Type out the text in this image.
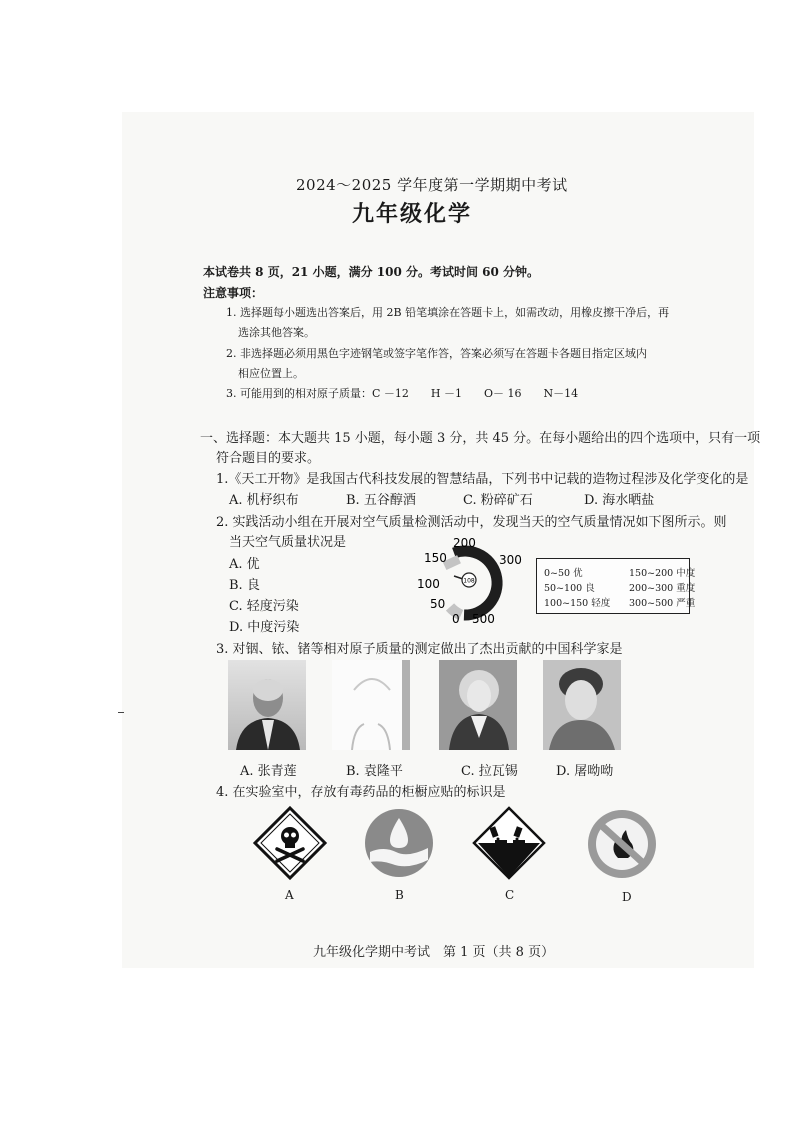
2024～2025 学年度第一学期期中考试
九年级化学
本试卷共 8 页，21 小题，满分 100 分。考试时间 60 分钟。
注意事项：
1. 选择题每小题选出答案后，用 2B 铅笔填涂在答题卡上，如需改动，用橡皮擦干净后，再
选涂其他答案。
2. 非选择题必须用黑色字迹钢笔或签字笔作答，答案必须写在答题卡各题目指定区域内
相应位置上。
3. 可能用到的相对原子质量：C －12　　H －1　　O－ 16　　N－14
一、选择题：本大题共 15 小题，每小题 3 分，共 45 分。在每小题给出的四个选项中，只有一项
符合题目的要求。
1.《天工开物》是我国古代科技发展的智慧结晶，下列书中记载的造物过程涉及化学变化的是
A. 机杼织布	B. 五谷醇酒	C. 粉碎矿石	D. 海水晒盐
2. 实践活动小组在开展对空气质量检测活动中，发现当天的空气质量情况如下图所示。则
当天空气质量状况是
A. 优
B. 良
C. 轻度污染
D. 中度污染
108
150
200
300
100
50
0 500
0~50 优	150~200 中度
50~100 良	200~300 重度
100~150 轻度 300~500 严重
3. 对铟、铱、锗等相对原子质量的测定做出了杰出贡献的中国科学家是
A. 张青莲	B. 袁隆平	C. 拉瓦锡	D. 屠呦呦
4. 在实验室中，存放有毒药品的柜橱应贴的标识是
A	B	C	D
九年级化学期中考试　第 1 页（共 8 页）
